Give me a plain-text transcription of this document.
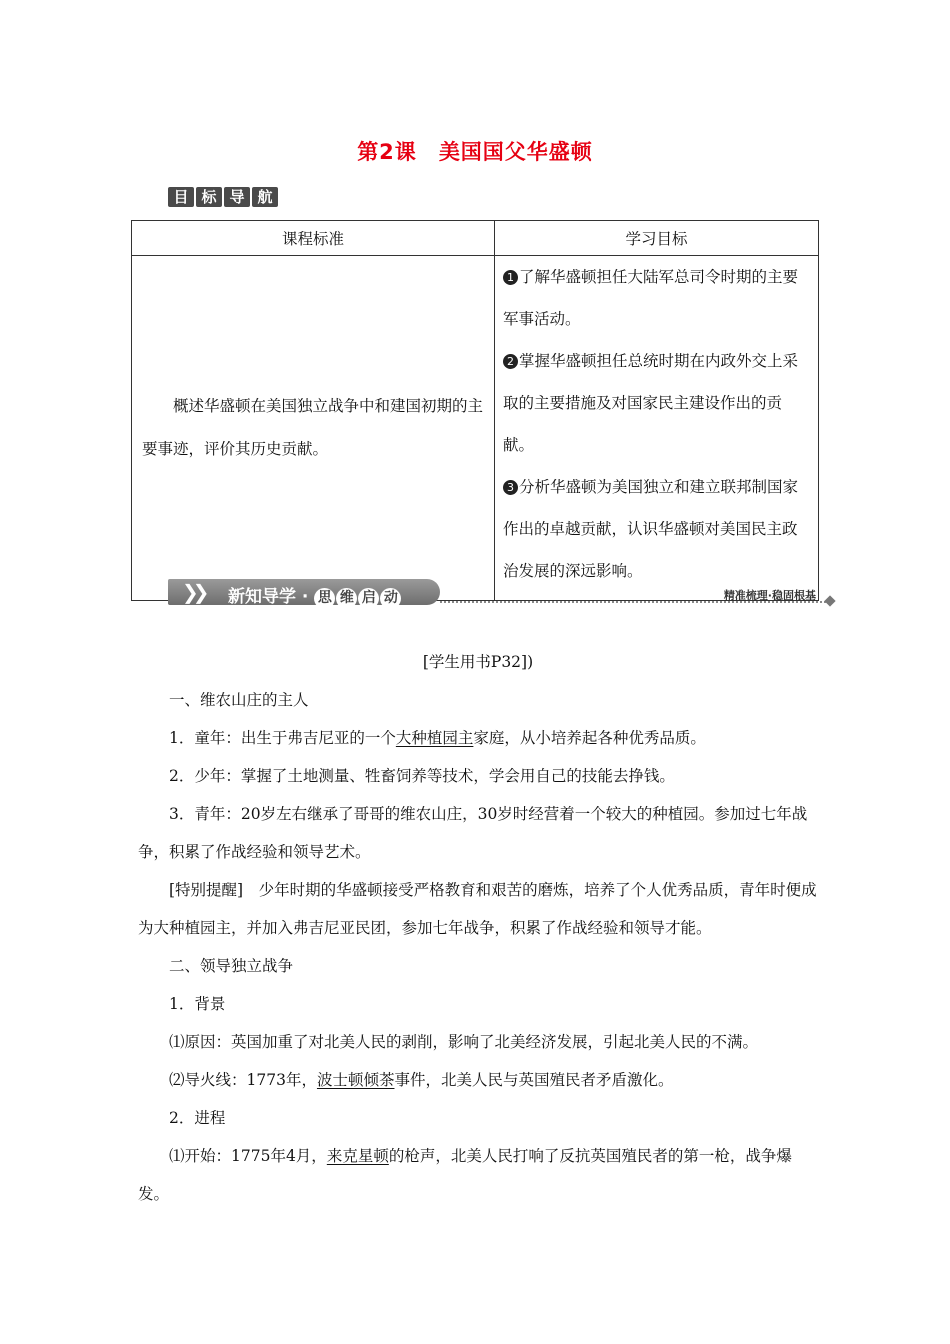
第2课 美国国父华盛顿
目 标 导 航
课程标准	学习目标
概述华盛顿在美国独立战争中和建国初期的主要事迹，评价其历史贡献。	1 了解华盛顿担任大陆军总司令时期的主要军事活动。
2 掌握华盛顿担任总统时期在内政外交上采取的主要措施及对国家民主建设作出的贡献。
3 分析华盛顿为美国独立和建立联邦制国家作出的卓越贡献，认识华盛顿对美国民主政治发展的深远影响。
❯❯ 新知导学 · 思 维 启 动	精准梳理·稳固根基

[学生用书P32])

一、维农山庄的主人

1．童年：出生于弗吉尼亚的一个大种植园主家庭，从小培养起各种优秀品质。

2．少年：掌握了土地测量、牲畜饲养等技术，学会用自己的技能去挣钱。

3．青年：20岁左右继承了哥哥的维农山庄，30岁时经营着一个较大的种植园。参加过七年战争，积累了作战经验和领导艺术。

[特别提醒]　少年时期的华盛顿接受严格教育和艰苦的磨炼，培养了个人优秀品质，青年时便成为大种植园主，并加入弗吉尼亚民团，参加七年战争，积累了作战经验和领导才能。

二、领导独立战争

1．背景

⑴原因：英国加重了对北美人民的剥削，影响了北美经济发展，引起北美人民的不满。

⑵导火线：1773年，波士顿倾茶事件，北美人民与英国殖民者矛盾激化。

2．进程

⑴开始：1775年4月，来克星顿的枪声，北美人民打响了反抗英国殖民者的第一枪，战争爆发。
